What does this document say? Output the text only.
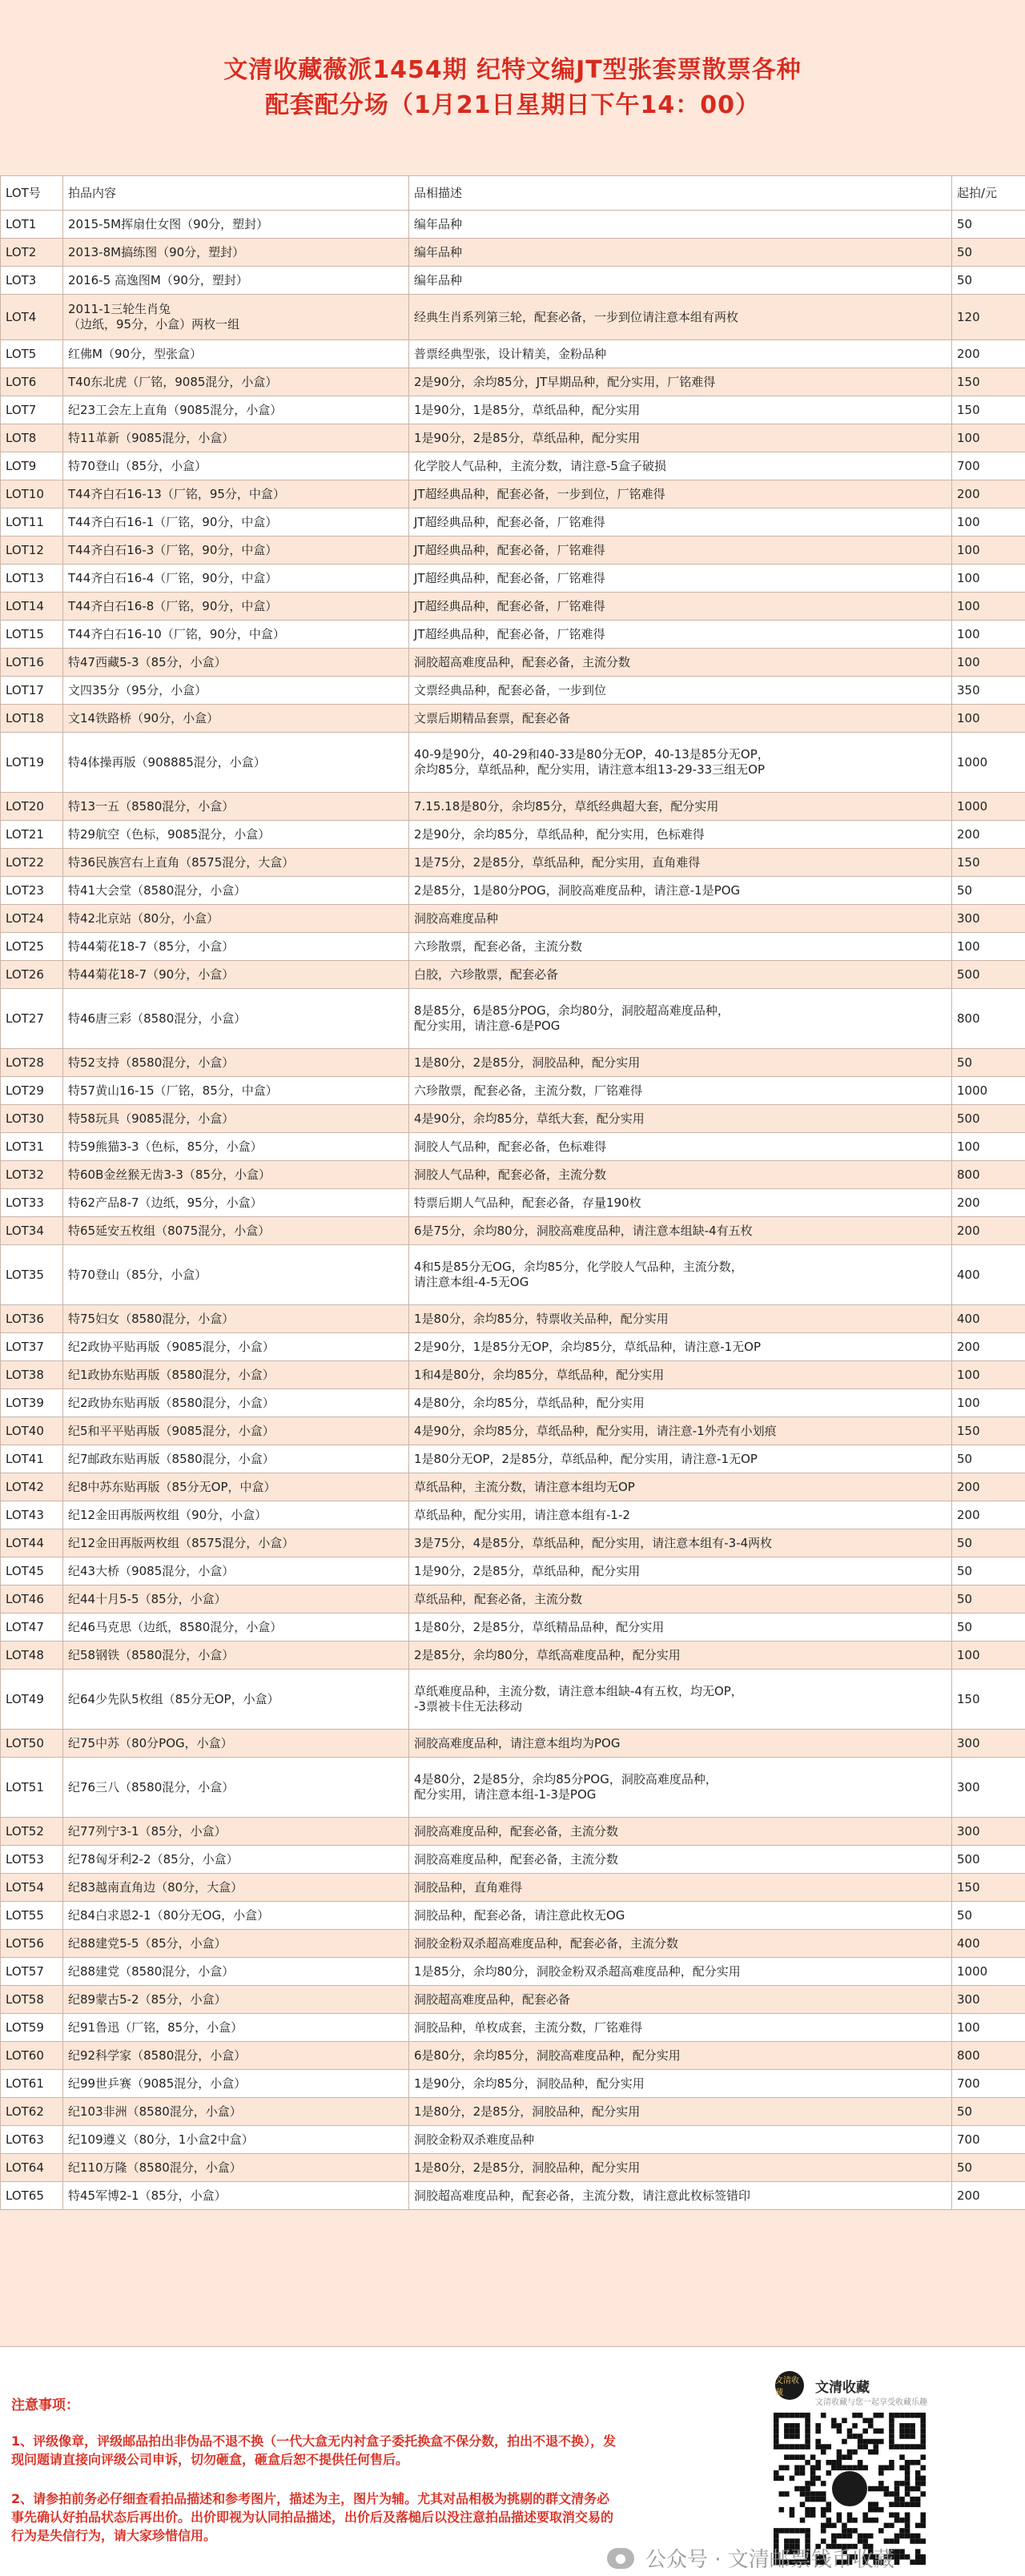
文清收藏薇派1454期 纪特文编JT型张套票散票各种
配套配分场（1月21日星期日下午14：00）
LOT号	拍品内容	品相描述	起拍/元
LOT1	2015-5M挥扇仕女图（90分，塑封）	编年品种	50
LOT2	2013-8M搞练图（90分，塑封）	编年品种	50
LOT3	2016-5 高逸图M（90分，塑封）	编年品种	50
LOT4	2011-1三轮生肖兔
（边纸，95分，小盒）两枚一组	经典生肖系列第三轮，配套必备，一步到位请注意本组有两枚	120
LOT5	红佛M（90分，型张盒）	普票经典型张，设计精美，金粉品种	200
LOT6	T40东北虎（厂铭，9085混分，小盒）	2是90分，余均85分，JT早期品种，配分实用，厂铭难得	150
LOT7	纪23工会左上直角（9085混分，小盒）	1是90分，1是85分，草纸品种，配分实用	150
LOT8	特11革新（9085混分，小盒）	1是90分，2是85分，草纸品种，配分实用	100
LOT9	特70登山（85分，小盒）	化学胶人气品种，主流分数，请注意-5盒子破损	700
LOT10	T44齐白石16-13（厂铭，95分，中盒）	JT超经典品种，配套必备，一步到位，厂铭难得	200
LOT11	T44齐白石16-1（厂铭，90分，中盒）	JT超经典品种，配套必备，厂铭难得	100
LOT12	T44齐白石16-3（厂铭，90分，中盒）	JT超经典品种，配套必备，厂铭难得	100
LOT13	T44齐白石16-4（厂铭，90分，中盒）	JT超经典品种，配套必备，厂铭难得	100
LOT14	T44齐白石16-8（厂铭，90分，中盒）	JT超经典品种，配套必备，厂铭难得	100
LOT15	T44齐白石16-10（厂铭，90分，中盒）	JT超经典品种，配套必备，厂铭难得	100
LOT16	特47西藏5-3（85分，小盒）	洞胶超高难度品种，配套必备，主流分数	100
LOT17	文四35分（95分，小盒）	文票经典品种，配套必备，一步到位	350
LOT18	文14铁路桥（90分，小盒）	文票后期精品套票，配套必备	100
LOT19	特4体操再版（908885混分，小盒）	40-9是90分，40-29和40-33是80分无OP，40-13是85分无OP，
余均85分，草纸品种，配分实用，请注意本组13-29-33三组无OP	1000
LOT20	特13一五（8580混分，小盒）	7.15.18是80分，余均85分，草纸经典超大套，配分实用	1000
LOT21	特29航空（色标，9085混分，小盒）	2是90分，余均85分，草纸品种，配分实用，色标难得	200
LOT22	特36民族宫右上直角（8575混分，大盒）	1是75分，2是85分，草纸品种，配分实用，直角难得	150
LOT23	特41大会堂（8580混分，小盒）	2是85分，1是80分POG，洞胶高难度品种，请注意-1是POG	50
LOT24	特42北京站（80分，小盒）	洞胶高难度品种	300
LOT25	特44菊花18-7（85分，小盒）	六珍散票，配套必备，主流分数	100
LOT26	特44菊花18-7（90分，小盒）	白胶，六珍散票，配套必备	500
LOT27	特46唐三彩（8580混分，小盒）	8是85分，6是85分POG，余均80分，洞胶超高难度品种，
配分实用，请注意-6是POG	800
LOT28	特52支持（8580混分，小盒）	1是80分，2是85分，洞胶品种，配分实用	50
LOT29	特57黄山16-15（厂铭，85分，中盒）	六珍散票，配套必备，主流分数，厂铭难得	1000
LOT30	特58玩具（9085混分，小盒）	4是90分，余均85分，草纸大套，配分实用	500
LOT31	特59熊猫3-3（色标，85分，小盒）	洞胶人气品种，配套必备，色标难得	100
LOT32	特60B金丝猴无齿3-3（85分，小盒）	洞胶人气品种，配套必备，主流分数	800
LOT33	特62产品8-7（边纸，95分，小盒）	特票后期人气品种，配套必备，存量190枚	200
LOT34	特65延安五枚组（8075混分，小盒）	6是75分，余均80分，洞胶高难度品种，请注意本组缺-4有五枚	200
LOT35	特70登山（85分，小盒）	4和5是85分无OG，余均85分，化学胶人气品种，主流分数，
请注意本组-4-5无OG	400
LOT36	特75妇女（8580混分，小盒）	1是80分，余均85分，特票收关品种，配分实用	400
LOT37	纪2政协平贴再版（9085混分，小盒）	2是90分，1是85分无OP，余均85分，草纸品种，请注意-1无OP	200
LOT38	纪1政协东贴再版（8580混分，小盒）	1和4是80分，余均85分，草纸品种，配分实用	100
LOT39	纪2政协东贴再版（8580混分，小盒）	4是80分，余均85分，草纸品种，配分实用	100
LOT40	纪5和平平贴再版（9085混分，小盒）	4是90分，余均85分，草纸品种，配分实用，请注意-1外壳有小划痕	150
LOT41	纪7邮政东贴再版（8580混分，小盒）	1是80分无OP，2是85分，草纸品种，配分实用，请注意-1无OP	50
LOT42	纪8中苏东贴再版（85分无OP，中盒）	草纸品种，主流分数，请注意本组均无OP	200
LOT43	纪12金田再版两枚组（90分，小盒）	草纸品种，配分实用，请注意本组有-1-2	200
LOT44	纪12金田再版两枚组（8575混分，小盒）	3是75分，4是85分，草纸品种，配分实用，请注意本组有-3-4两枚	50
LOT45	纪43大桥（9085混分，小盒）	1是90分，2是85分，草纸品种，配分实用	50
LOT46	纪44十月5-5（85分，小盒）	草纸品种，配套必备，主流分数	50
LOT47	纪46马克思（边纸，8580混分，小盒）	1是80分，2是85分，草纸精品品种，配分实用	50
LOT48	纪58钢铁（8580混分，小盒）	2是85分，余均80分，草纸高难度品种，配分实用	100
LOT49	纪64少先队5枚组（85分无OP，小盒）	草纸难度品种，主流分数，请注意本组缺-4有五枚，均无OP，
-3票被卡住无法移动	150
LOT50	纪75中苏（80分POG，小盒）	洞胶高难度品种，请注意本组均为POG	300
LOT51	纪76三八（8580混分，小盒）	4是80分，2是85分，余均85分POG，洞胶高难度品种，
配分实用，请注意本组-1-3是POG	300
LOT52	纪77列宁3-1（85分，小盒）	洞胶高难度品种，配套必备，主流分数	300
LOT53	纪78匈牙利2-2（85分，小盒）	洞胶高难度品种，配套必备，主流分数	500
LOT54	纪83越南直角边（80分，大盒）	洞胶品种，直角难得	150
LOT55	纪84白求恩2-1（80分无OG，小盒）	洞胶品种，配套必备，请注意此枚无OG	50
LOT56	纪88建党5-5（85分，小盒）	洞胶金粉双杀超高难度品种，配套必备，主流分数	400
LOT57	纪88建党（8580混分，小盒）	1是85分，余均80分，洞胶金粉双杀超高难度品种，配分实用	1000
LOT58	纪89蒙古5-2（85分，小盒）	洞胶超高难度品种，配套必备	300
LOT59	纪91鲁迅（厂铭，85分，小盒）	洞胶品种，单枚成套，主流分数，厂铭难得	100
LOT60	纪92科学家（8580混分，小盒）	6是80分，余均85分，洞胶高难度品种，配分实用	800
LOT61	纪99世乒赛（9085混分，小盒）	1是90分，余均85分，洞胶品种，配分实用	700
LOT62	纪103非洲（8580混分，小盒）	1是80分，2是85分，洞胶品种，配分实用	50
LOT63	纪109遵义（80分，1小盒2中盒）	洞胶金粉双杀难度品种	700
LOT64	纪110万隆（8580混分，小盒）	1是80分，2是85分，洞胶品种，配分实用	50
LOT65	特45军博2-1（85分，小盒）	洞胶超高难度品种，配套必备，主流分数，请注意此枚标签错印	200
注意事项：

1、评级像章，评级邮品拍出非伪品不退不换（一代大盒无内衬盒子委托换盒不保分数，拍出不退不换），发现问题请直接向评级公司申诉，切勿砸盒，砸盒后恕不提供任何售后。

2、请参拍前务必仔细查看拍品描述和参考图片，描述为主，图片为辅。尤其对品相极为挑剔的群文清务必事先确认好拍品状态后再出价。出价即视为认同拍品描述，出价后及落槌后以没注意拍品描述要取消交易的行为是失信行为，请大家珍惜信用。

文清收藏	文清收藏
文清收藏与您一起享受收藏乐趣
● 公众号 · 文清邮票钱币收藏
